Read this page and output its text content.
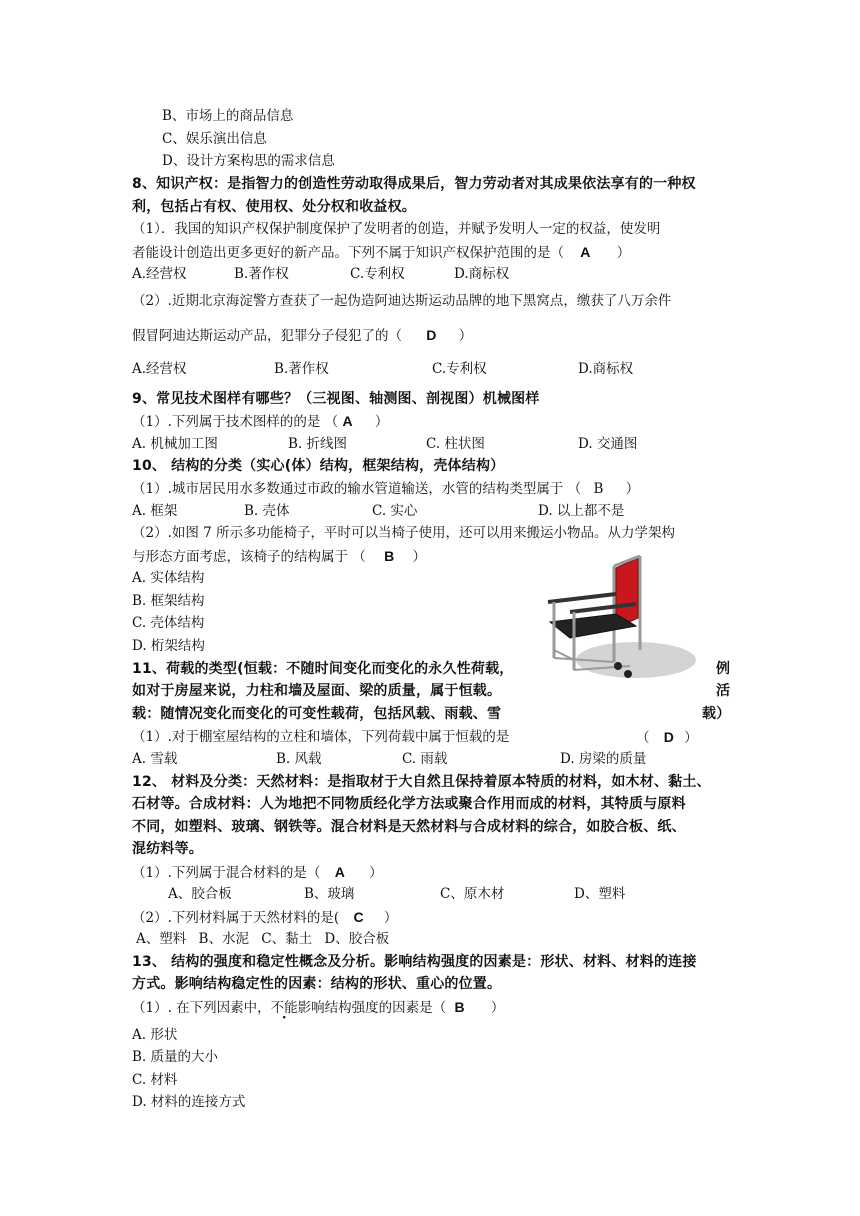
B、市场上的商品信息
C、娱乐演出信息
D、设计方案构思的需求信息
8、知识产权：是指智力的创造性劳动取得成果后，智力劳动者对其成果依法享有的一种权
利，包括占有权、使用权、处分权和收益权。
（1）．我国的知识产权保护制度保护了发明者的创造，并赋予发明人一定的权益，使发明
者能设计创造出更多更好的新产品。下列不属于知识产权保护范围的是（ A ）
A.经营权	B.著作权	C.专利权	D.商标权
（2）.近期北京海淀警方查获了一起伪造阿迪达斯运动品牌的地下黑窝点，缴获了八万余件
假冒阿迪达斯运动产品，犯罪分子侵犯了的（ D ）
A.经营权	B.著作权	C.专利权	D.商标权
9、常见技术图样有哪些？（三视图、轴测图、剖视图）机械图样
（1）.下列属于技术图样的的是 （ A ）
A. 机械加工图	B. 折线图	C. 柱状图	D. 交通图
10、 结构的分类（实心(体）结构，框架结构，壳体结构）
（1）.城市居民用水多数通过市政的输水管道输送，水管的结构类型属于 （ B ）
A. 框架	B. 壳体	C. 实心	D. 以上都不是
（2）.如图 7 所示多功能椅子，平时可以当椅子使用，还可以用来搬运小物品。从力学架构
与形态方面考虑，该椅子的结构属于 （ B ）
A. 实体结构
B. 框架结构
C. 壳体结构
D. 桁架结构
11、荷载的类型(恒载：不随时间变化而变化的永久性荷载，	例
如对于房屋来说，力柱和墙及屋面、梁的质量，属于恒载。	活
载：随情况变化而变化的可变性载荷，包括风载、雨载、雪	载）
（1）.对于棚室屋结构的立柱和墙体，下列荷载中属于恒载的是	（ D ）
A. 雪载	B. 风载	C. 雨载	D. 房梁的质量
12、 材料及分类：天然材料：是指取材于大自然且保持着原本特质的材料，如木材、黏土、
石材等。合成材料：人为地把不同物质经化学方法或聚合作用而成的材料，其特质与原料
不同，如塑料、玻璃、钢铁等。混合材料是天然材料与合成材料的综合，如胶合板、纸、
混纺料等。
（1）.下列属于混合材料的是（ A ）
A、胶合板	B、玻璃	C、原木材	D、塑料
（2）.下列材料属于天然材料的是( C ）
A、塑料 B、水泥 C、黏土 D、胶合板
13、 结构的强度和稳定性概念及分析。影响结构强度的因素是：形状、材料、材料的连接
方式。影响结构稳定性的因素：结构的形状、重心的位置。
（1）. 在下列因素中，不能影响结构强度的因素是（ B ）
A. 形状
B. 质量的大小
C. 材料
D. 材料的连接方式
